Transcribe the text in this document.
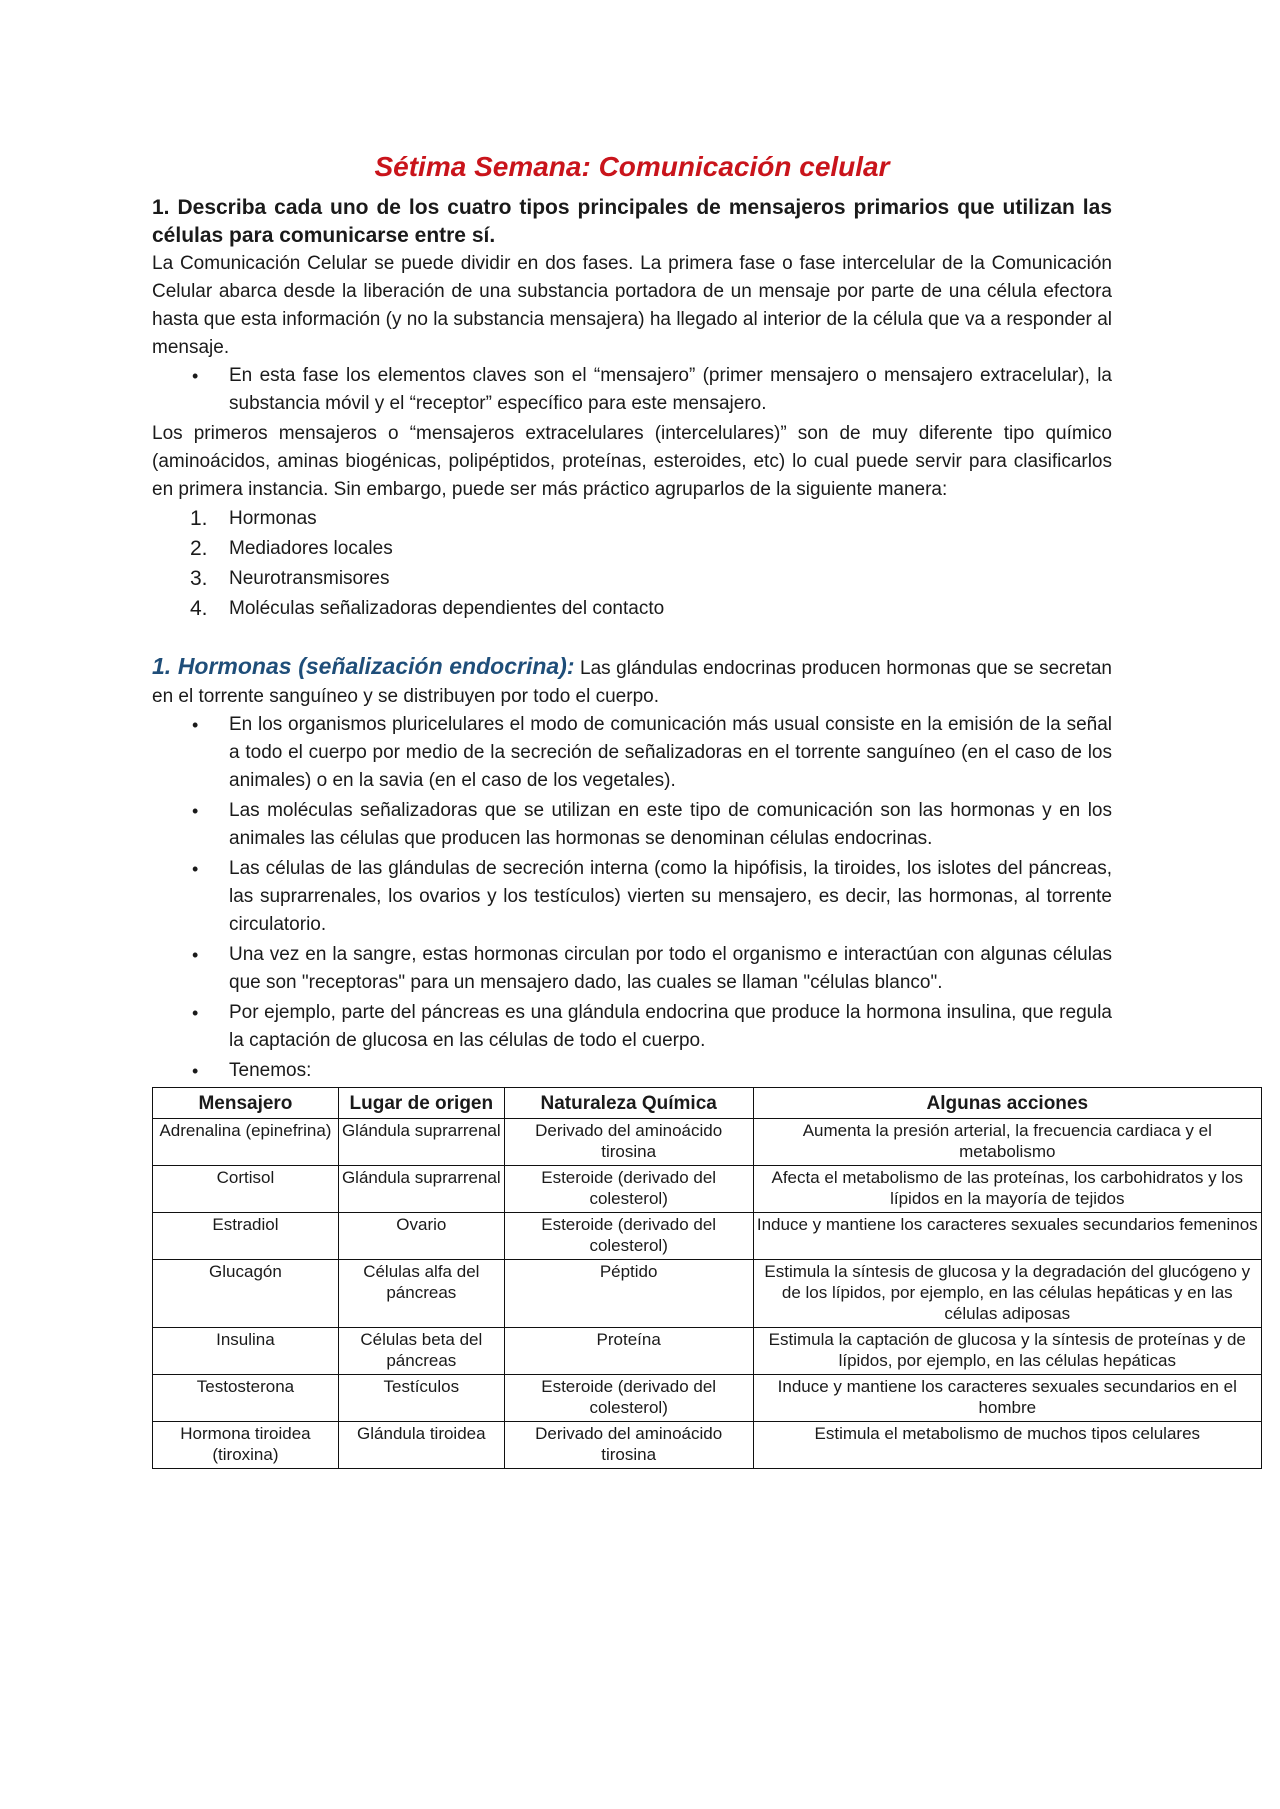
Sétima Semana: Comunicación celular

1. Describa cada uno de los cuatro tipos principales de mensajeros primarios que utilizan las células para comunicarse entre sí.

La Comunicación Celular se puede dividir en dos fases. La primera fase o fase intercelular de la Comunicación Celular abarca desde la liberación de una substancia portadora de un mensaje por parte de una célula efectora hasta que esta información (y no la substancia mensajera) ha llegado al interior de la célula que va a responder al mensaje.

• En esta fase los elementos claves son el “mensajero” (primer mensajero o mensajero extracelular), la substancia móvil y el “receptor” específico para este mensajero.

Los primeros mensajeros o “mensajeros extracelulares (intercelulares)” son de muy diferente tipo químico (aminoácidos, aminas biogénicas, polipéptidos, proteínas, esteroides, etc) lo cual puede servir para clasificarlos en primera instancia. Sin embargo, puede ser más práctico agruparlos de la siguiente manera:

1. Hormonas
2. Mediadores locales
3. Neurotransmisores
4. Moléculas señalizadoras dependientes del contacto

1. Hormonas (señalización endocrina): Las glándulas endocrinas producen hormonas que se secretan en el torrente sanguíneo y se distribuyen por todo el cuerpo.

• En los organismos pluricelulares el modo de comunicación más usual consiste en la emisión de la señal a todo el cuerpo por medio de la secreción de señalizadoras en el torrente sanguíneo (en el caso de los animales) o en la savia (en el caso de los vegetales).
• Las moléculas señalizadoras que se utilizan en este tipo de comunicación son las hormonas y en los animales las células que producen las hormonas se denominan células endocrinas.
• Las células de las glándulas de secreción interna (como la hipófisis, la tiroides, los islotes del páncreas, las suprarrenales, los ovarios y los testículos) vierten su mensajero, es decir, las hormonas, al torrente circulatorio.
• Una vez en la sangre, estas hormonas circulan por todo el organismo e interactúan con algunas células que son "receptoras" para un mensajero dado, las cuales se llaman "células blanco".
• Por ejemplo, parte del páncreas es una glándula endocrina que produce la hormona insulina, que regula la captación de glucosa en las células de todo el cuerpo.
• Tenemos:
Mensajero	Lugar de origen	Naturaleza Química	Algunas acciones
Adrenalina (epinefrina)	Glándula suprarrenal	Derivado del aminoácido tirosina	Aumenta la presión arterial, la frecuencia cardiaca y el metabolismo
Cortisol	Glándula suprarrenal	Esteroide (derivado del colesterol)	Afecta el metabolismo de las proteínas, los carbohidratos y los lípidos en la mayoría de tejidos
Estradiol	Ovario	Esteroide (derivado del colesterol)	Induce y mantiene los caracteres sexuales secundarios femeninos
Glucagón	Células alfa del páncreas	Péptido	Estimula la síntesis de glucosa y la degradación del glucógeno y de los lípidos, por ejemplo, en las células hepáticas y en las células adiposas
Insulina	Células beta del páncreas	Proteína	Estimula la captación de glucosa y la síntesis de proteínas y de lípidos, por ejemplo, en las células hepáticas
Testosterona	Testículos	Esteroide (derivado del colesterol)	Induce y mantiene los caracteres sexuales secundarios en el hombre
Hormona tiroidea (tiroxina)	Glándula tiroidea	Derivado del aminoácido tirosina	Estimula el metabolismo de muchos tipos celulares
